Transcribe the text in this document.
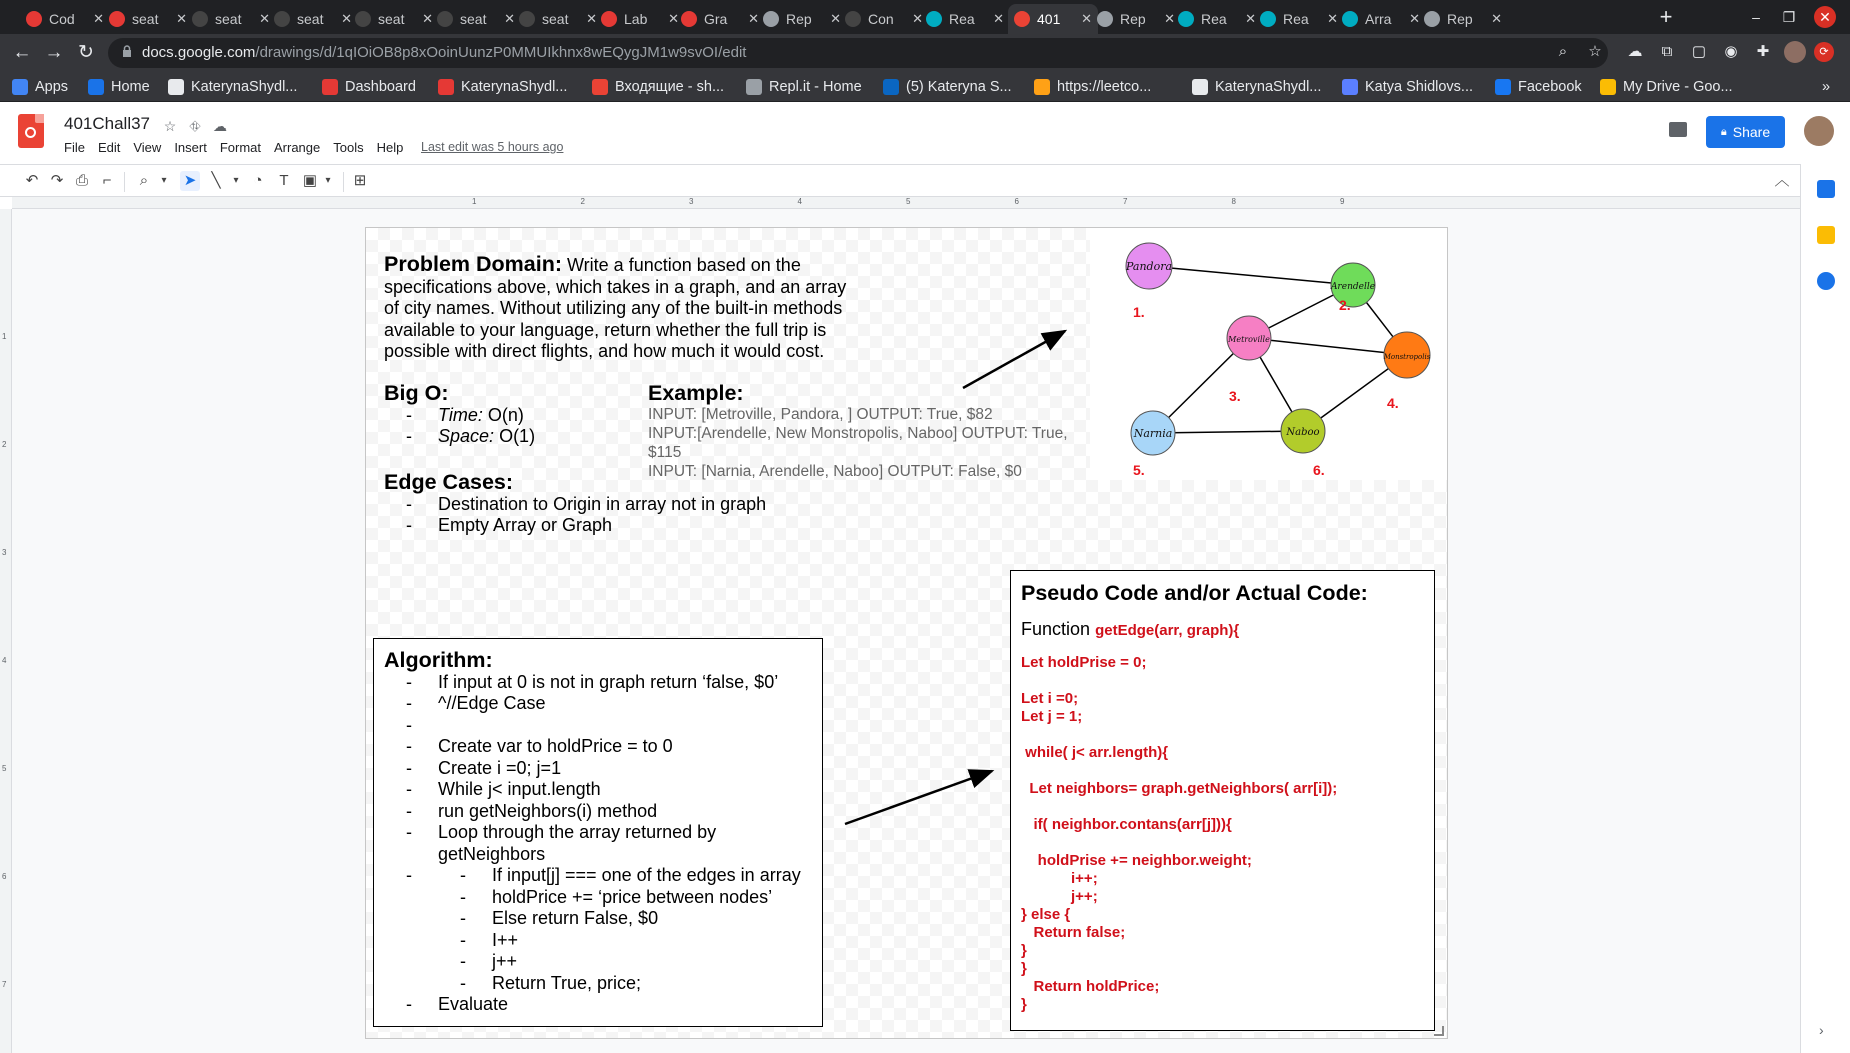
Cod	✕ seat	✕ seat	✕ seat	✕ seat	✕ seat	✕ seat	✕ Lab	✕ Gra	✕ Rep	✕ Con	✕ Rea	✕ 401	✕ Rep	✕ Rea	✕ Rea	✕ Arra	✕ Rep	✕	+	–	❐	✕
← → ↻	docs.google.com/drawings/d/1qIOiOB8p8xOoinUunzP0MMUIkhnx8wEQygJM1w9svOI/edit	⌕	☆ ☁	⧉	▢ ◉ ✚	⟳
Apps	Home	KaterynaShydl...	Dashboard	KaterynaShydl...	Входящие - sh...	Repl.it - Home	(5) Kateryna S...	https://leetco...	KaterynaShydl...	Katya Shidlovs...	Facebook	My Drive - Goo...	»
401Chall37 ☆ ⛗ ☁
File Edit View Insert Format Arrange Tools Help Last edit was 5 hours ago
🔒︎ Share
↶ ↷ ⎙ ⌐	⌕	▾	➤	╲	▾ ◔	T ▣ ▾	⊞	︿
1	2	3	4	5	6	7	8	9
1
2
3
4
5
6
7
›
Problem Domain: Write a function based on the specifications above, which takes in a graph, and an array of city names. Without utilizing any of the built-in methods available to your language, return whether the full trip is possible with direct flights, and how much it would cost.
Big O:
- Time: O(n)
- Space: O(1)
Example:
INPUT: [Metroville, Pandora, ] OUTPUT: True, $82
INPUT:[Arendelle, New Monstropolis, Naboo] OUTPUT: True, $115
INPUT: [Narnia, Arendelle, Naboo] OUTPUT: False, $0
Edge Cases:
- Destination to Origin in array not in graph
- Empty Array or Graph
Algorithm:
- If input at 0 is not in graph return ‘false, $0’
- ^//Edge Case
-
- Create var to holdPrice = to 0
- Create i =0; j=1
- While j< input.length
- run getNeighbors(i) method
- Loop through the array returned by getNeighbors
- - If input[j] === one of the edges in array
- holdPrice += ‘price between nodes’
- Else return False, $0
- I++
- j++
- Return True, price;
- Evaluate
Pseudo Code and/or Actual Code:
Function getEdge(arr, graph){
Let holdPrise = 0;
Let i =0;
Let j = 1;
while( j< arr.length){
Let neighbors= graph.getNeighbors( arr[i]);
if( neighbor.contans(arr[j])){
holdPrise += neighbor.weight;
i++;
j++;
} else {
Return false;
}
}
Return holdPrice;
}
Pandora
Arendelle
Metroville
Monstropolis
Narnia	Naboo
1.	2.
3.	4.
5.	6.
